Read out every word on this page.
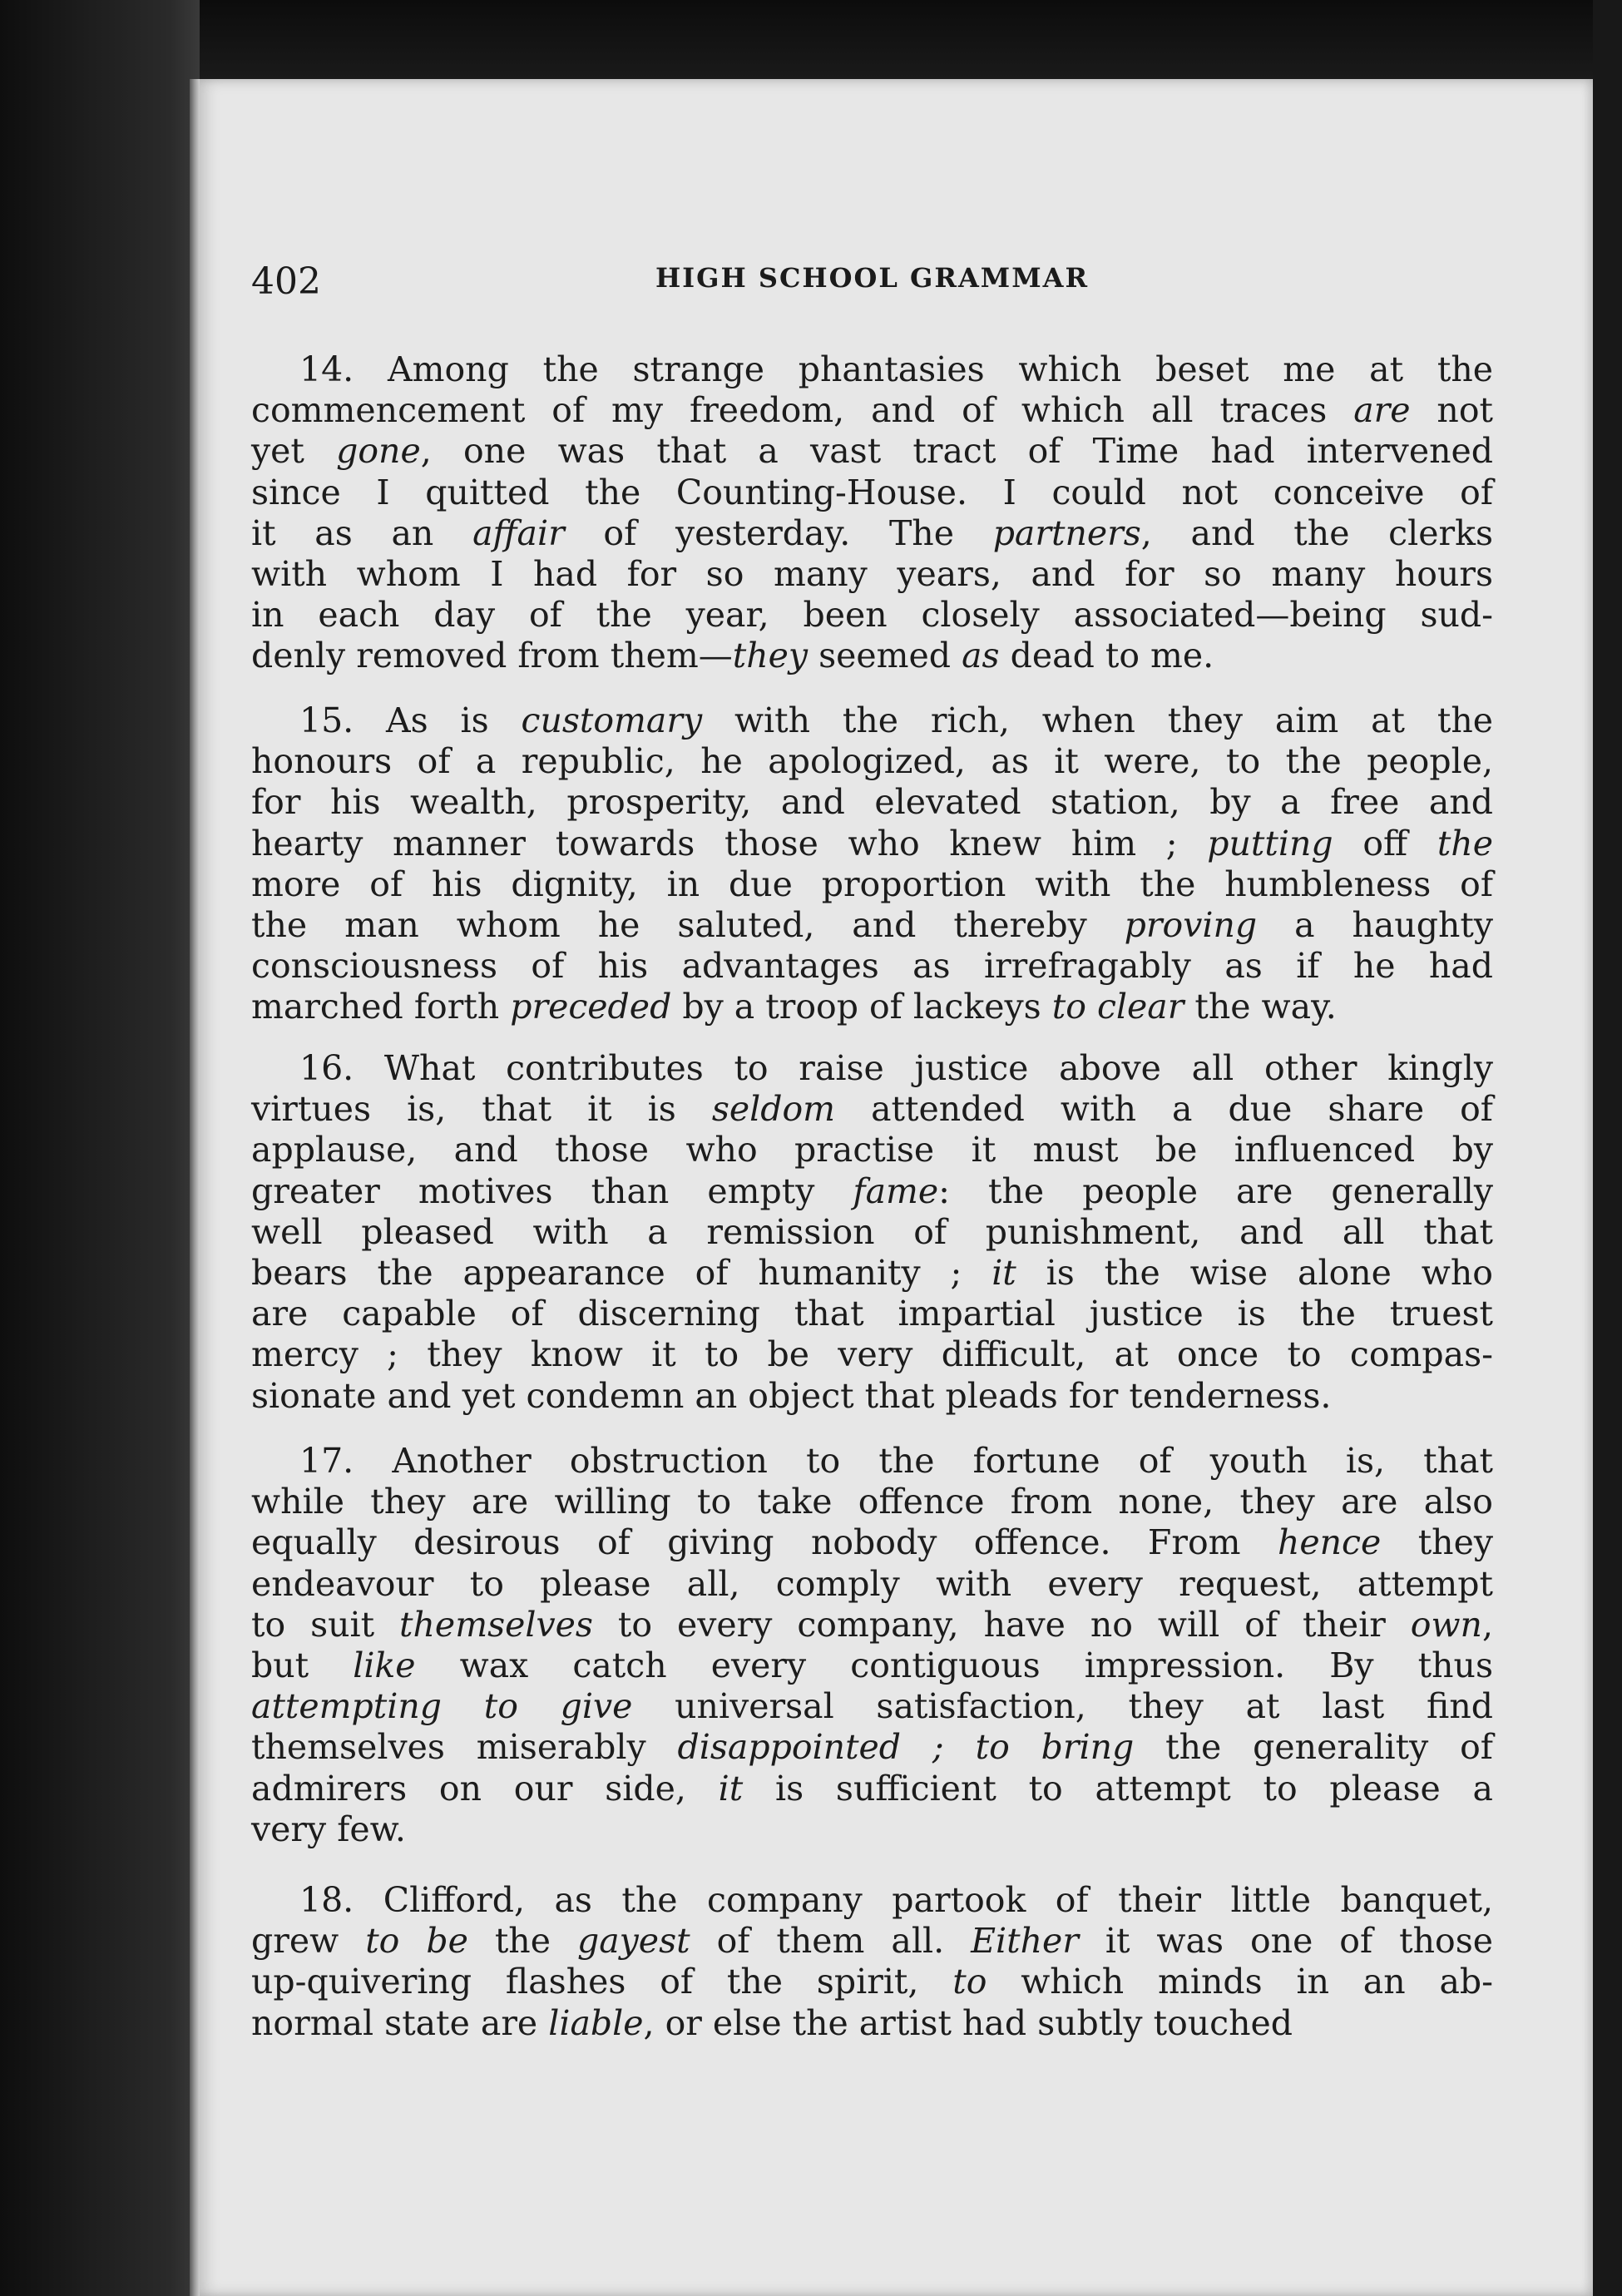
402	HIGH SCHOOL GRAMMAR
14. Among the strange phantasies which beset me at the
commencement of my freedom, and of which all traces are not
yet gone, one was that a vast tract of Time had intervened
since I quitted the Counting-House. I could not conceive of
it as an affair of yesterday. The partners, and the clerks
with whom I had for so many years, and for so many hours
in each day of the year, been closely associated—being sud-
denly removed from them—they seemed as dead to me.
15. As is customary with the rich, when they aim at the
honours of a republic, he apologized, as it were, to the people,
for his wealth, prosperity, and elevated station, by a free and
hearty manner towards those who knew him ; putting off the
more of his dignity, in due proportion with the humbleness of
the man whom he saluted, and thereby proving a haughty
consciousness of his advantages as irrefragably as if he had
marched forth preceded by a troop of lackeys to clear the way.
16. What contributes to raise justice above all other kingly
virtues is, that it is seldom attended with a due share of
applause, and those who practise it must be influenced by
greater motives than empty fame: the people are generally
well pleased with a remission of punishment, and all that
bears the appearance of humanity ; it is the wise alone who
are capable of discerning that impartial justice is the truest
mercy ; they know it to be very difficult, at once to compas-
sionate and yet condemn an object that pleads for tenderness.
17. Another obstruction to the fortune of youth is, that
while they are willing to take offence from none, they are also
equally desirous of giving nobody offence. From hence they
endeavour to please all, comply with every request, attempt
to suit themselves to every company, have no will of their own,
but like wax catch every contiguous impression. By thus
attempting to give universal satisfaction, they at last find
themselves miserably disappointed ; to bring the generality of
admirers on our side, it is sufficient to attempt to please a
very few.
18. Clifford, as the company partook of their little banquet,
grew to be the gayest of them all. Either it was one of those
up-quivering flashes of the spirit, to which minds in an ab-
normal state are liable, or else the artist had subtly touched
